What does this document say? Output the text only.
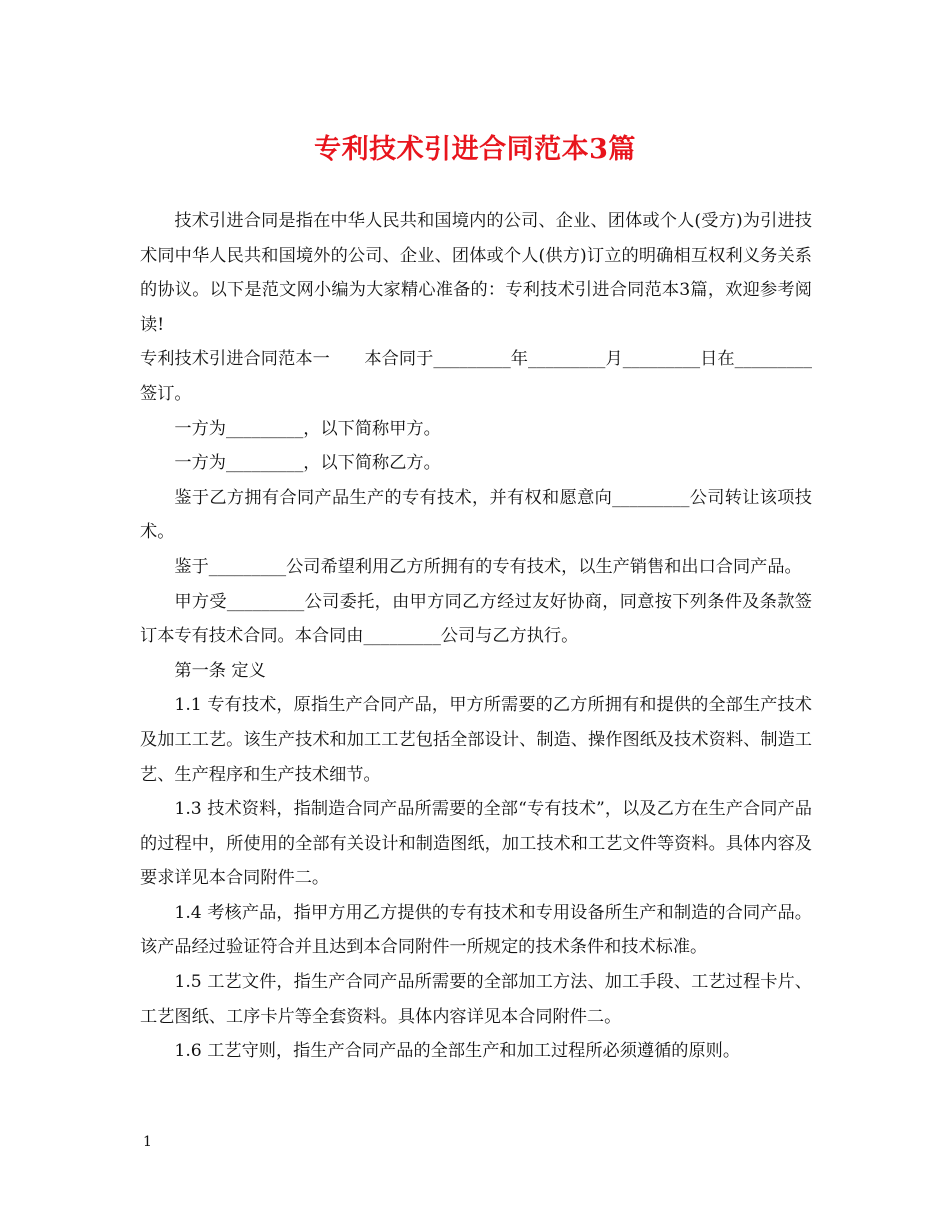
专利技术引进合同范本3篇

技术引进合同是指在中华人民共和国境内的公司、企业、团体或个人(受方)为引进技术同中华人民共和国境外的公司、企业、团体或个人(供方)订立的明确相互权利义务关系的协议。以下是范文网小编为大家精心准备的：专利技术引进合同范本3篇，欢迎参考阅读!

专利技术引进合同范本一　　本合同于_________年_________月_________日在_________签订。

一方为_________，以下简称甲方。

一方为_________，以下简称乙方。

鉴于乙方拥有合同产品生产的专有技术，并有权和愿意向_________公司转让该项技术。

鉴于_________公司希望利用乙方所拥有的专有技术，以生产销售和出口合同产品。

甲方受_________公司委托，由甲方同乙方经过友好协商，同意按下列条件及条款签订本专有技术合同。本合同由_________公司与乙方执行。

第一条 定义

1.1 专有技术，原指生产合同产品，甲方所需要的乙方所拥有和提供的全部生产技术及加工工艺。该生产技术和加工工艺包括全部设计、制造、操作图纸及技术资料、制造工艺、生产程序和生产技术细节。

1.3 技术资料，指制造合同产品所需要的全部“专有技术”，以及乙方在生产合同产品的过程中，所使用的全部有关设计和制造图纸，加工技术和工艺文件等资料。具体内容及要求详见本合同附件二。

1.4 考核产品，指甲方用乙方提供的专有技术和专用设备所生产和制造的合同产品。该产品经过验证符合并且达到本合同附件一所规定的技术条件和技术标准。

1.5 工艺文件，指生产合同产品所需要的全部加工方法、加工手段、工艺过程卡片、工艺图纸、工序卡片等全套资料。具体内容详见本合同附件二。

1.6 工艺守则，指生产合同产品的全部生产和加工过程所必须遵循的原则。

1
